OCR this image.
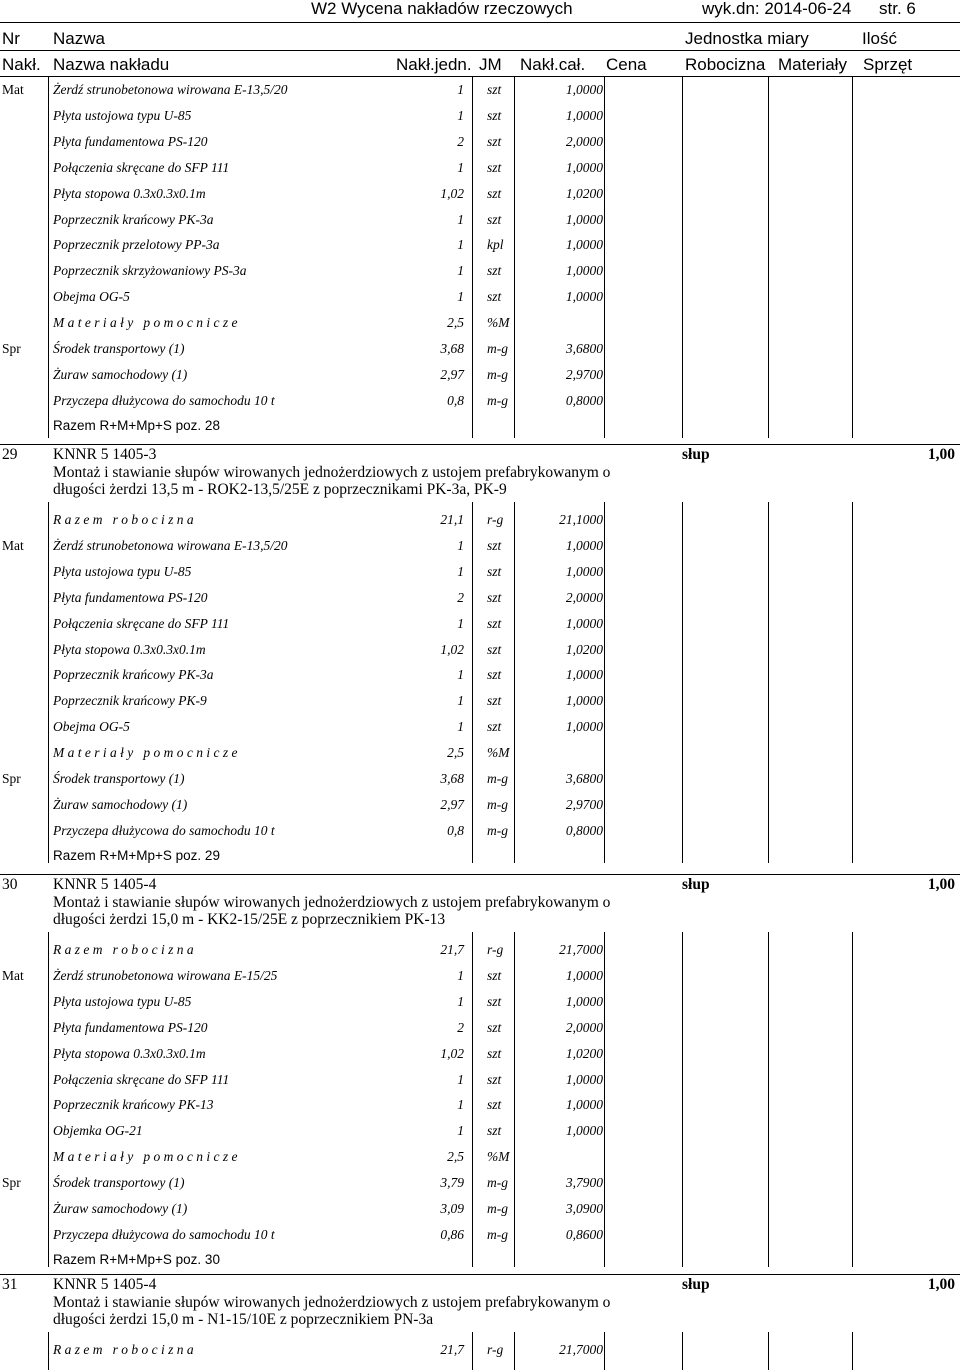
W2 Wycena nakładów rzeczowych	wyk.dn: 2014-06-24 str. 6
Nr Nazwa	Jednostka miary	Ilość
Nakł. Nazwa nakładu	Nakł.jedn. JM Nakł.cał. Cena Robocizna Materiały Sprzęt
Mat Żerdź strunobetonowa wirowana E-13,5/20	1 szt	1,0000
Płyta ustojowa typu U-85	1 szt	1,0000
Płyta fundamentowa PS-120	2 szt	2,0000
Połączenia skręcane do SFP 111	1 szt	1,0000
Płyta stopowa 0.3x0.3x0.1m	1,02 szt	1,0200
Poprzecznik krańcowy PK-3a	1 szt	1,0000
Poprzecznik przelotowy PP-3a	1 kpl	1,0000
Poprzecznik skrzyżowaniowy PS-3a	1 szt	1,0000
Obejma OG-5	1 szt	1,0000
M a t e r i a ł y   p o m o c n i c z e	2,5 %M
Spr Środek transportowy (1)	3,68 m-g	3,6800
Żuraw samochodowy (1)	2,97 m-g	2,9700
Przyczepa dłużycowa do samochodu 10 t	0,8 m-g	0,8000
Razem R+M+Mp+S poz. 28
29 KNNR 5 1405-3	słup	1,00
Montaż i stawianie słupów wirowanych jednożerdziowych z ustojem prefabrykowanym o
długości żerdzi 13,5 m - ROK2-13,5/25E z poprzecznikami PK-3a, PK-9
R a z e m   r o b o c i z n a	21,1 r-g	21,1000
Mat Żerdź strunobetonowa wirowana E-13,5/20	1 szt	1,0000
Płyta ustojowa typu U-85	1 szt	1,0000
Płyta fundamentowa PS-120	2 szt	2,0000
Połączenia skręcane do SFP 111	1 szt	1,0000
Płyta stopowa 0.3x0.3x0.1m	1,02 szt	1,0200
Poprzecznik krańcowy PK-3a	1 szt	1,0000
Poprzecznik krańcowy PK-9	1 szt	1,0000
Obejma OG-5	1 szt	1,0000
M a t e r i a ł y   p o m o c n i c z e	2,5 %M
Spr Środek transportowy (1)	3,68 m-g	3,6800
Żuraw samochodowy (1)	2,97 m-g	2,9700
Przyczepa dłużycowa do samochodu 10 t	0,8 m-g	0,8000
Razem R+M+Mp+S poz. 29
30 KNNR 5 1405-4	słup	1,00
Montaż i stawianie słupów wirowanych jednożerdziowych z ustojem prefabrykowanym o
długości żerdzi 15,0 m - KK2-15/25E z poprzecznikiem PK-13
R a z e m   r o b o c i z n a	21,7 r-g	21,7000
Mat Żerdź strunobetonowa wirowana E-15/25	1 szt	1,0000
Płyta ustojowa typu U-85	1 szt	1,0000
Płyta fundamentowa PS-120	2 szt	2,0000
Płyta stopowa 0.3x0.3x0.1m	1,02 szt	1,0200
Połączenia skręcane do SFP 111	1 szt	1,0000
Poprzecznik krańcowy PK-13	1 szt	1,0000
Objemka OG-21	1 szt	1,0000
M a t e r i a ł y   p o m o c n i c z e	2,5 %M
Spr Środek transportowy (1)	3,79 m-g	3,7900
Żuraw samochodowy (1)	3,09 m-g	3,0900
Przyczepa dłużycowa do samochodu 10 t	0,86 m-g	0,8600
Razem R+M+Mp+S poz. 30
31 KNNR 5 1405-4	słup	1,00
Montaż i stawianie słupów wirowanych jednożerdziowych z ustojem prefabrykowanym o
długości żerdzi 15,0 m - N1-15/10E z poprzecznikiem PN-3a
R a z e m   r o b o c i z n a	21,7 r-g	21,7000
